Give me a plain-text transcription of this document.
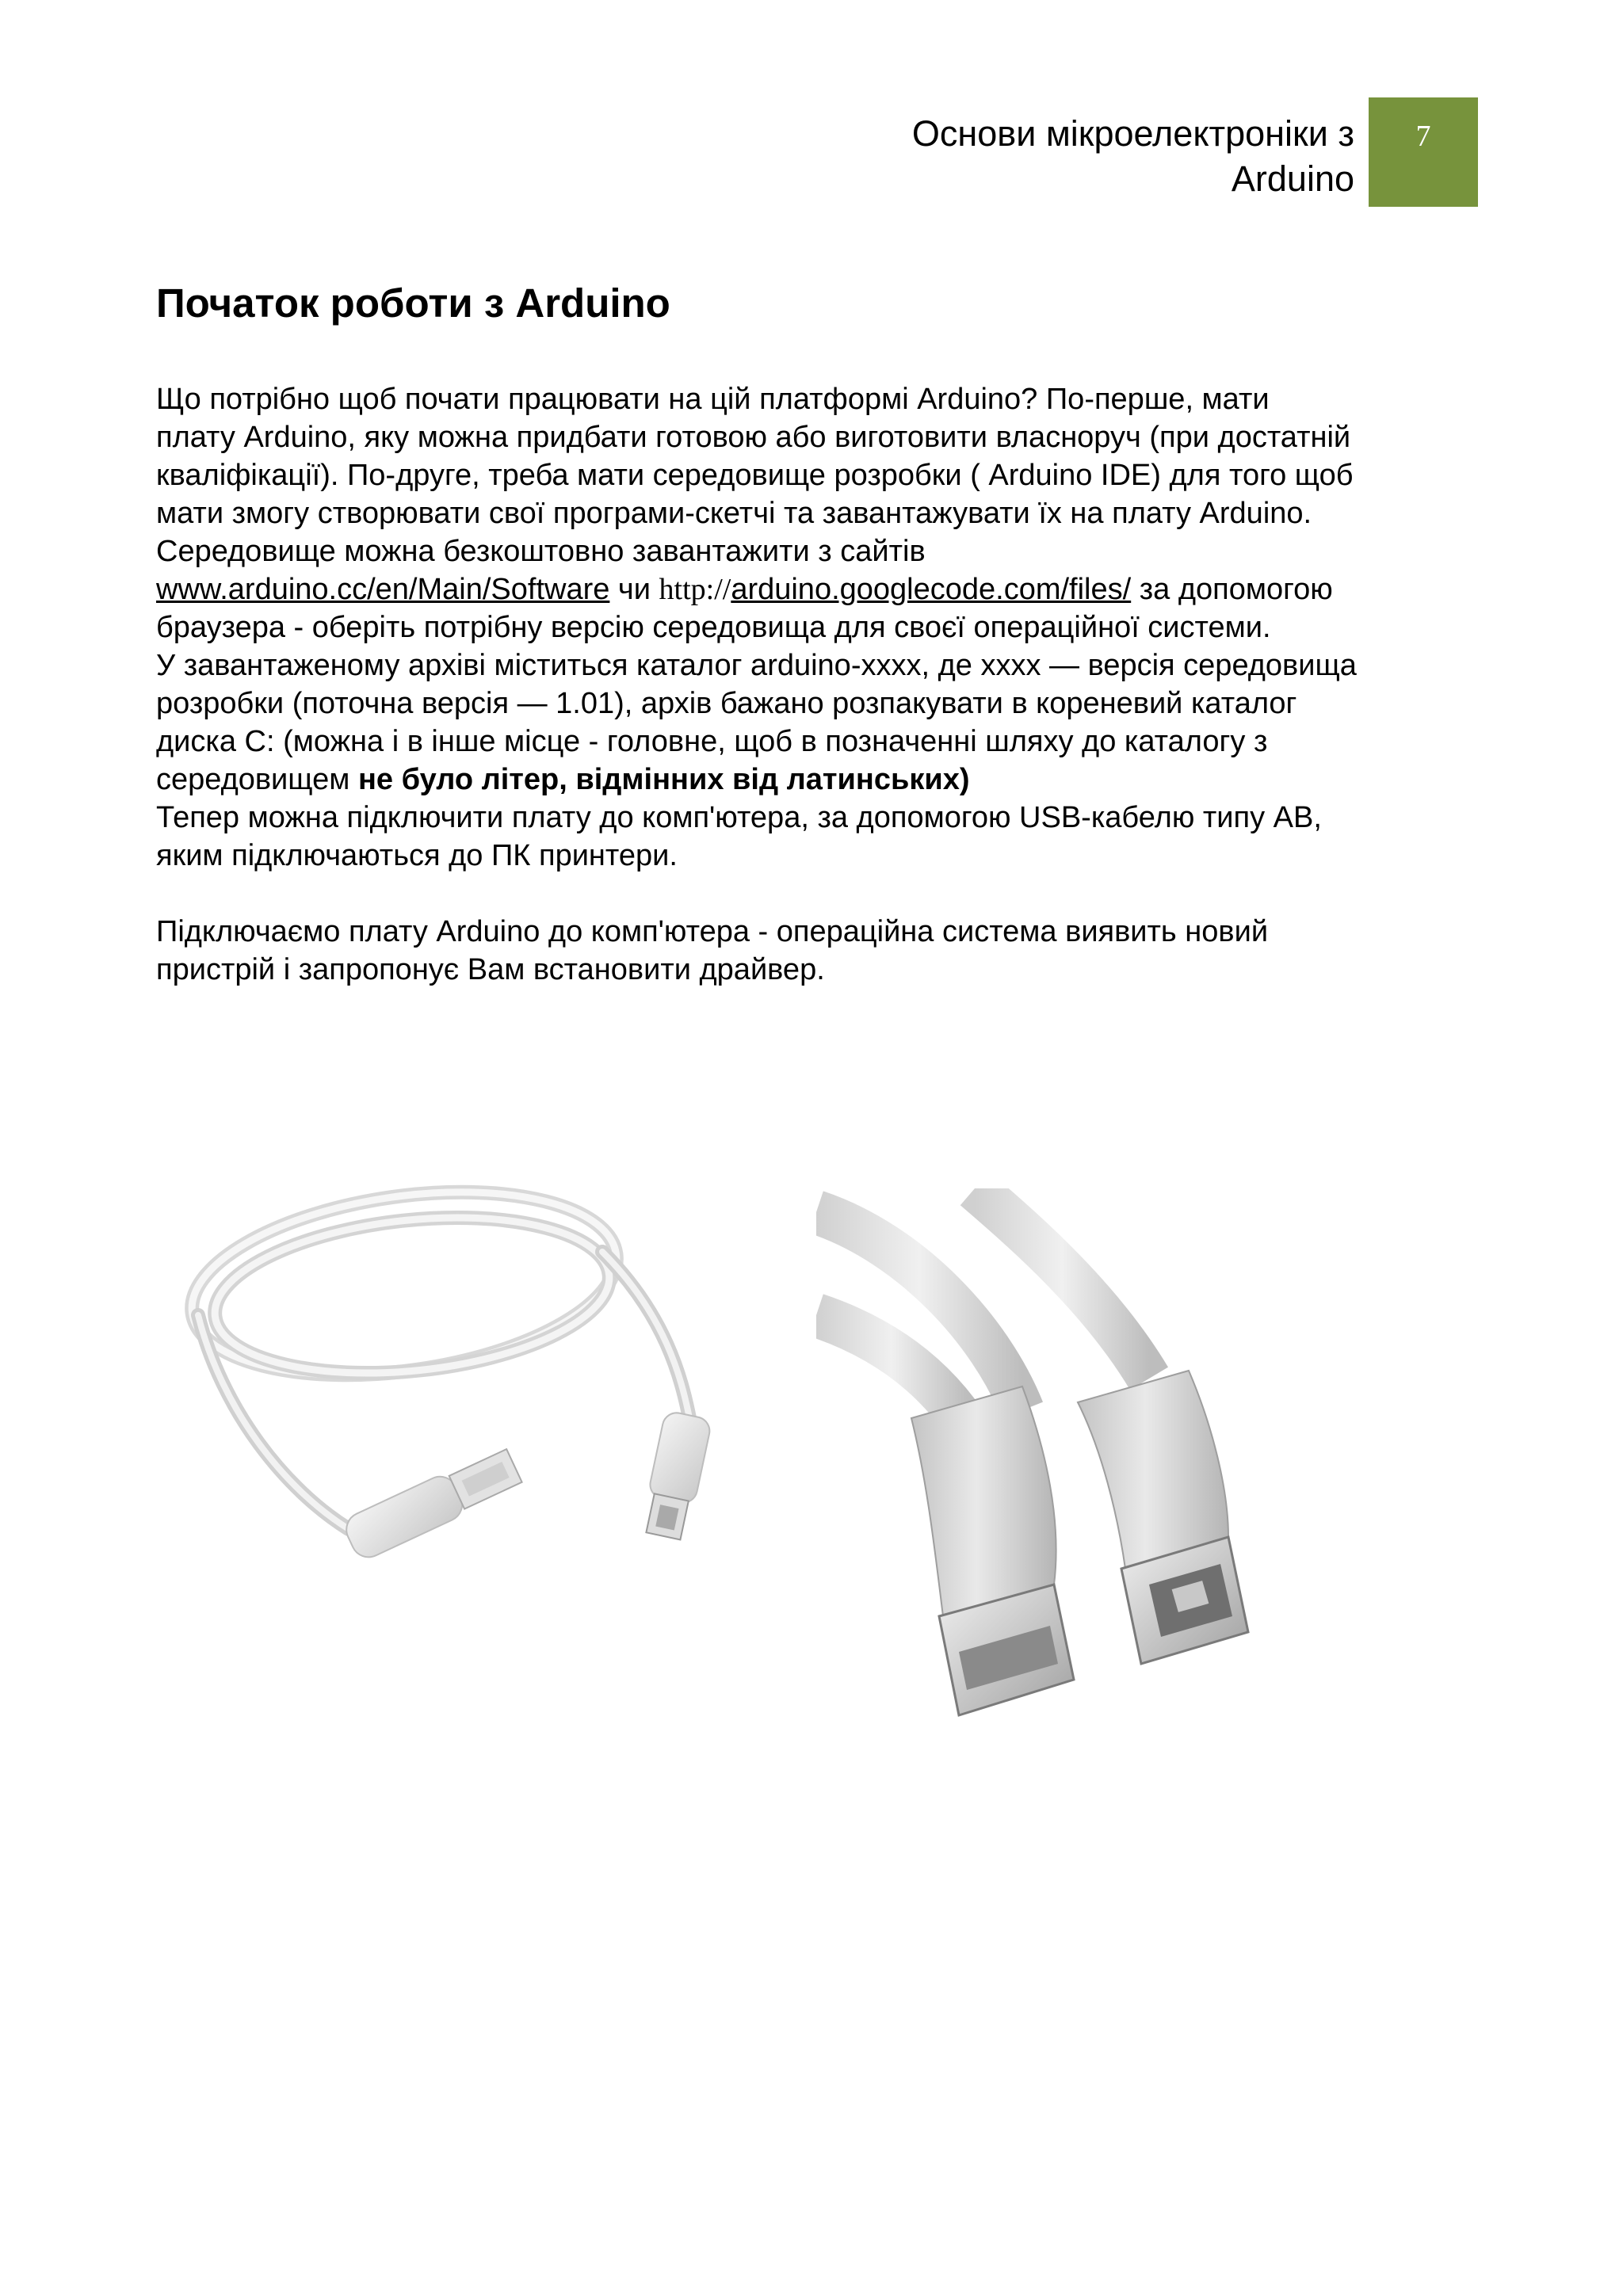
Основи мікроелектроніки з
Arduino
7
Початок роботи з Arduino

Що потрібно щоб почати працювати на цій платформі Arduino? По-перше, мати
плату Arduino, яку можна придбати готовою або виготовити власноруч (при достатній
кваліфікації). По-друге, треба мати середовище розробки ( Arduino IDE) для того щоб
мати змогу створювати свої програми-скетчі та завантажувати їх на плату Arduino.
Середовище можна безкоштовно завантажити з сайтів
www.arduino.cc/en/Main/Software чи http://arduino.googlecode.com/files/ за допомогою
браузера - оберіть потрібну версію середовища для своєї операційної системи.
У завантаженому архіві міститься каталог arduino-xxxx, де xxxx — версія середовища
розробки (поточна версія — 1.01), архів бажано розпакувати в кореневий каталог
диска С: (можна і в інше місце - головне, щоб в позначенні шляху до каталогу з
середовищем не було літер, відмінних від латинських)
Тепер можна підключити плату до комп'ютера, за допомогою USB-кабелю типу AB,
яким підключаються до ПК принтери.

Підключаємо плату Arduino до комп'ютера - операційна система виявить новий
пристрій і запропонує Вам встановити драйвер.
